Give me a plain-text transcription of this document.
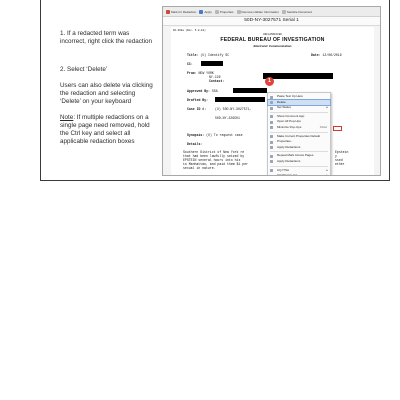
1. If a redacted term was incorrect, right click the redaction

2. Select ‘Delete’

Users can also delete via clicking the redaction and selecting ‘Delete’ on your keyboard

Note: If multiple redactions on a single page need removed, hold the Ctrl key and select all applicable redaction boxes

Mark for Redaction	Apply	Properties	Remove Hidden Information	Sanitize Document
50D-NY-3027571 Serial 1
FD-302a (Rev. 5-8-10)
UNCLASSIFIED
FEDERAL BUREAU OF INVESTIGATION
Electronic Communication
Title: (U) Identify SC	Date: 12/06/2019
CC:
From: NEW YORK
NY-C26
Contact:
Approved By: SSA
Drafted By:
Case ID #:	(U) 50D-NY-3027571,
50D-NY-229501
Synopsis: (U) To request case
Details:
Southern District of New York re
that had been lawfully seized by
EPSTEIN several hours into his
to Manhattan, and paid them $1 per
sexual in nature.
Epstein
y
ssed
ether
1
Paste Text Up Here
Delete
Set Status	▸
Show Comment App
Open All Pop-Ups
Minimize Pop-Ups	Ctrl+I
Make Current Properties Default
Properties...
Apply Redactions
Repeat Mark Across Pages
Apply Redactions
CQ ITSA	▸
CQ Privacy Ad	▸
